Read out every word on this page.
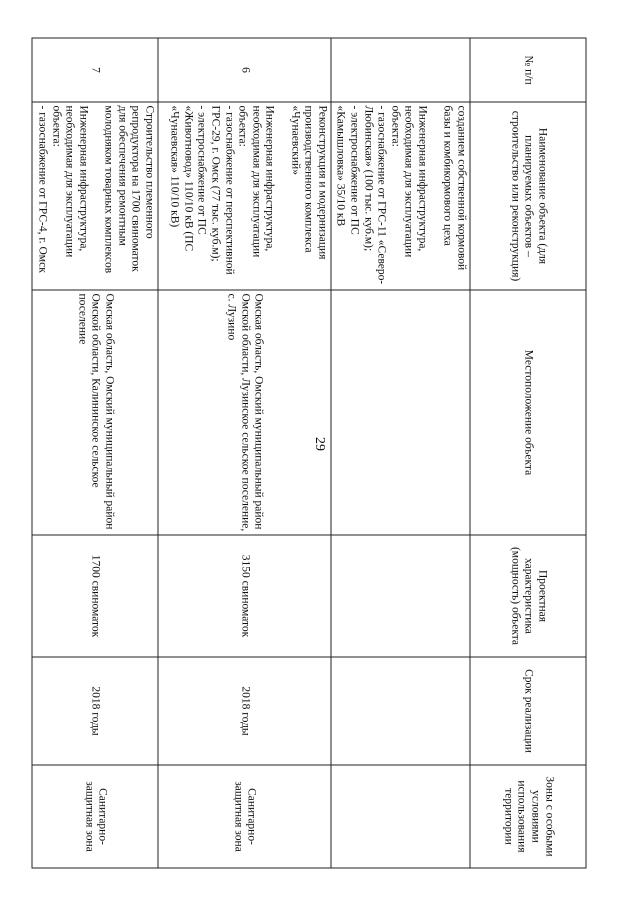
29
№ п/п	Наименование объекта (для планируемых объектов – строительство или реконструкция)	Местоположение объекта	Проектная характеристика (мощность) объекта	Срок реализации	Зоны с особыми условиями использования территории

	созданием собственной кормовой базы и комбикормового цеха
Инженерная инфраструктура, необходимая для эксплуатации объекта:
- газоснабжение от ГРС-11 «Северо-Любинская» (100 тыс. куб.м);
- электроснабжение от ПС «Камышловка» 35/10 кВ				

6	Реконструкция и модернизация производственного комплекса «Чунаевский»
Инженерная инфраструктура, необходимая для эксплуатации объекта:
- газоснабжение от перспективной ГРС-29, г. Омск (77 тыс. куб.м);
- электроснабжение от ПС «Животновод» 110/10 кВ (ПС «Чунаевская» 110/10 кВ)	Омская область, Омский муниципальный район Омской области, Лузинское сельское поселение, с. Лузино	3150 свиноматок	2018 годы	Санитарно-защитная зона
7	Строительство племенного репродуктора на 1700 свиноматок для обеспечения ремонтным молодняком товарных комплексов
Инженерная инфраструктура, необходимая для эксплуатации объекта:
- газоснабжение от ГРС-4, г. Омск	Омская область, Омский муниципальный район Омской области, Калининское сельское поселение	1700 свиноматок	2018 годы	Санитарно-защитная зона
